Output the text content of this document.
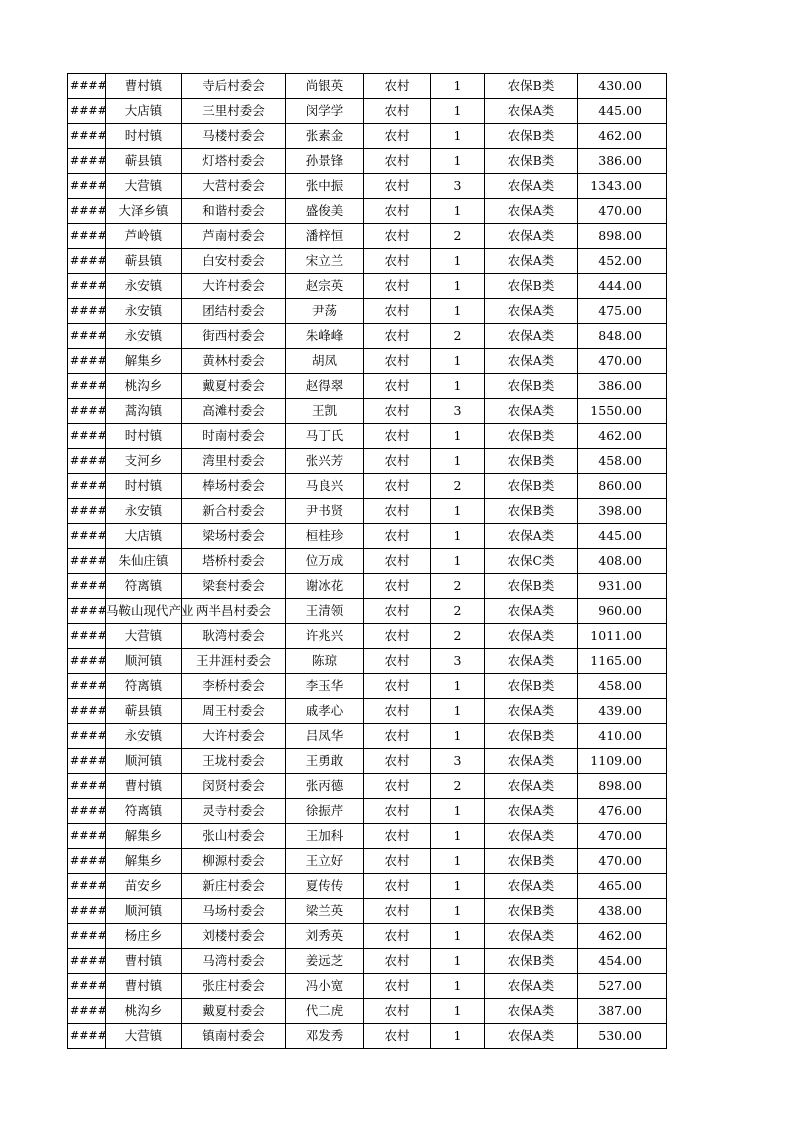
####	曹村镇	寺后村委会	尚银英	农村	1	农保B类	430.00
####	大店镇	三里村委会	闵学学	农村	1	农保A类	445.00
####	时村镇	马楼村委会	张素金	农村	1	农保B类	462.00
####	蕲县镇	灯塔村委会	孙景锋	农村	1	农保B类	386.00
####	大营镇	大营村委会	张中振	农村	3	农保A类	1343.00
####	大泽乡镇	和谐村委会	盛俊美	农村	1	农保A类	470.00
####	芦岭镇	芦南村委会	潘梓恒	农村	2	农保A类	898.00
####	蕲县镇	白安村委会	宋立兰	农村	1	农保A类	452.00
####	永安镇	大许村委会	赵宗英	农村	1	农保B类	444.00
####	永安镇	团结村委会	尹荡	农村	1	农保A类	475.00
####	永安镇	街西村委会	朱峰峰	农村	2	农保A类	848.00
####	解集乡	黄林村委会	胡凤	农村	1	农保A类	470.00
####	桃沟乡	戴夏村委会	赵得翠	农村	1	农保B类	386.00
####	蒿沟镇	高滩村委会	王凯	农村	3	农保A类	1550.00
####	时村镇	时南村委会	马丁氏	农村	1	农保B类	462.00
####	支河乡	湾里村委会	张兴芳	农村	1	农保B类	458.00
####	时村镇	棒场村委会	马良兴	农村	2	农保B类	860.00
####	永安镇	新合村委会	尹书贤	农村	1	农保B类	398.00
####	大店镇	梁场村委会	桓桂珍	农村	1	农保A类	445.00
####	朱仙庄镇	塔桥村委会	位万成	农村	1	农保C类	408.00
####	符离镇	梁套村委会	谢冰花	农村	2	农保B类	931.00
####	马鞍山现代产业	两半昌村委会	王清领	农村	2	农保A类	960.00
####	大营镇	耿湾村委会	许兆兴	农村	2	农保A类	1011.00
####	顺河镇	王井涯村委会	陈琼	农村	3	农保A类	1165.00
####	符离镇	李桥村委会	李玉华	农村	1	农保B类	458.00
####	蕲县镇	周王村委会	戚孝心	农村	1	农保A类	439.00
####	永安镇	大许村委会	吕凤华	农村	1	农保B类	410.00
####	顺河镇	王垅村委会	王勇敢	农村	3	农保A类	1109.00
####	曹村镇	闵贤村委会	张丙德	农村	2	农保A类	898.00
####	符离镇	灵寺村委会	徐振芹	农村	1	农保A类	476.00
####	解集乡	张山村委会	王加科	农村	1	农保A类	470.00
####	解集乡	柳源村委会	王立好	农村	1	农保B类	470.00
####	苗安乡	新庄村委会	夏传传	农村	1	农保A类	465.00
####	顺河镇	马场村委会	梁兰英	农村	1	农保B类	438.00
####	杨庄乡	刘楼村委会	刘秀英	农村	1	农保A类	462.00
####	曹村镇	马湾村委会	姜远芝	农村	1	农保B类	454.00
####	曹村镇	张庄村委会	冯小宽	农村	1	农保A类	527.00
####	桃沟乡	戴夏村委会	代二虎	农村	1	农保A类	387.00
####	大营镇	镇南村委会	邓发秀	农村	1	农保A类	530.00
